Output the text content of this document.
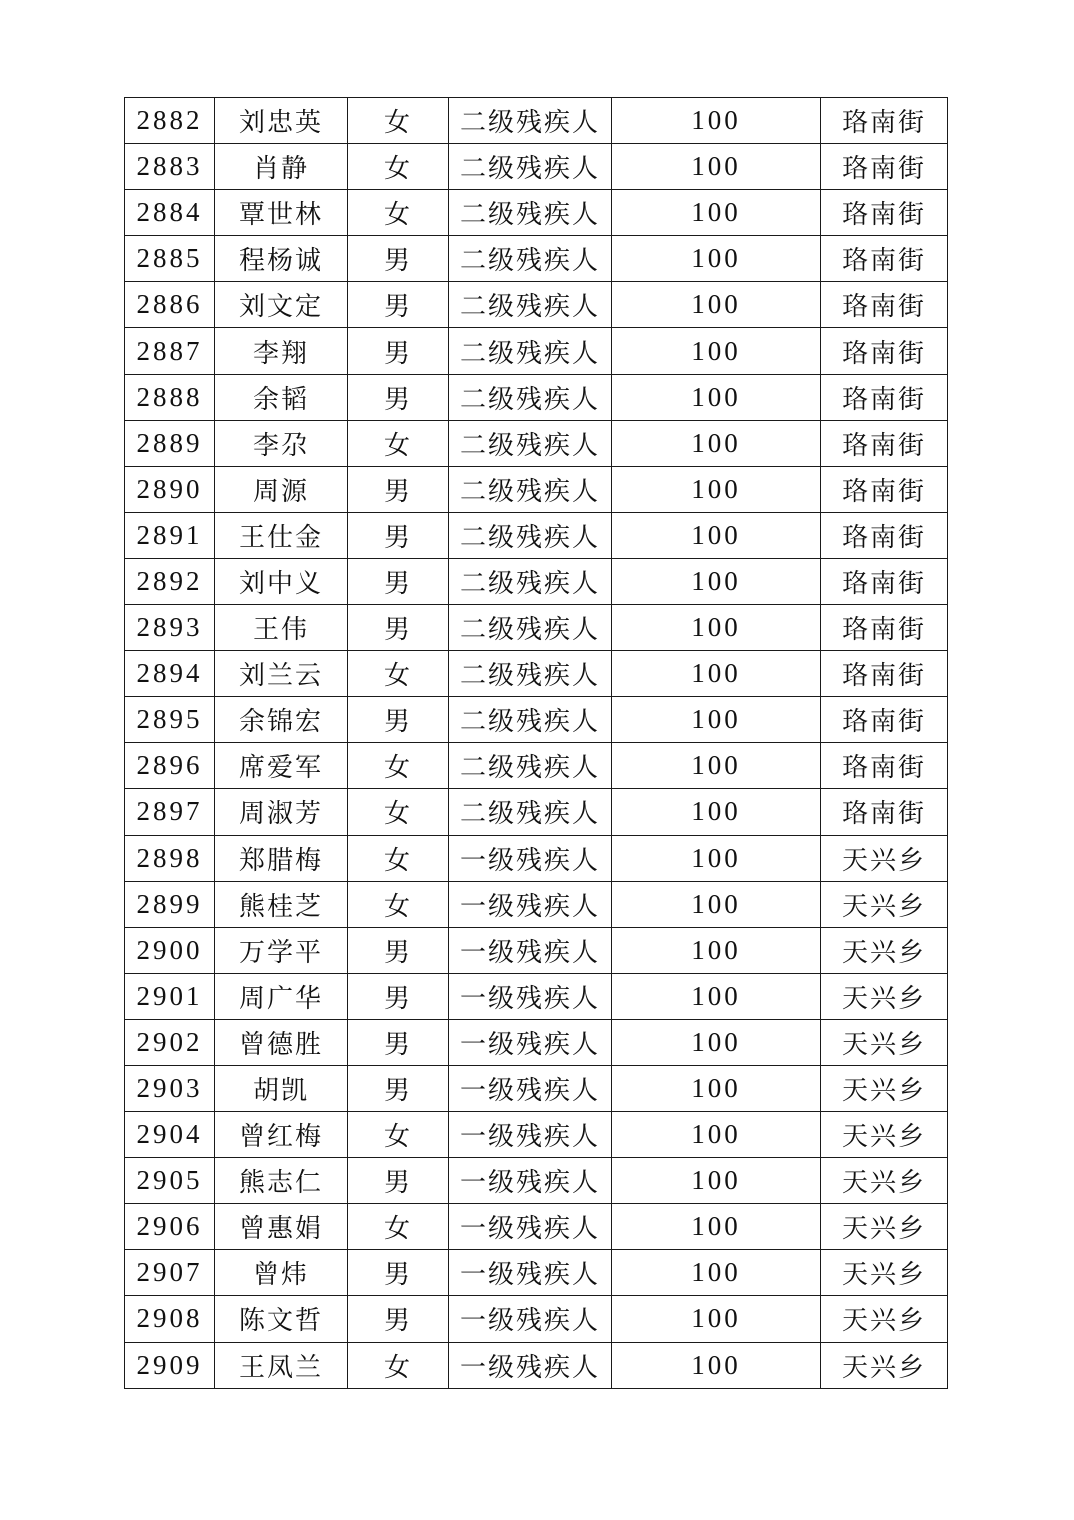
2882	刘忠英	女	二级残疾人	100	珞南街
2883	肖静	女	二级残疾人	100	珞南街
2884	覃世林	女	二级残疾人	100	珞南街
2885	程杨诚	男	二级残疾人	100	珞南街
2886	刘文定	男	二级残疾人	100	珞南街
2887	李翔	男	二级残疾人	100	珞南街
2888	余韬	男	二级残疾人	100	珞南街
2889	李尕	女	二级残疾人	100	珞南街
2890	周源	男	二级残疾人	100	珞南街
2891	王仕金	男	二级残疾人	100	珞南街
2892	刘中义	男	二级残疾人	100	珞南街
2893	王伟	男	二级残疾人	100	珞南街
2894	刘兰云	女	二级残疾人	100	珞南街
2895	余锦宏	男	二级残疾人	100	珞南街
2896	席爱军	女	二级残疾人	100	珞南街
2897	周淑芳	女	二级残疾人	100	珞南街
2898	郑腊梅	女	一级残疾人	100	天兴乡
2899	熊桂芝	女	一级残疾人	100	天兴乡
2900	万学平	男	一级残疾人	100	天兴乡
2901	周广华	男	一级残疾人	100	天兴乡
2902	曾德胜	男	一级残疾人	100	天兴乡
2903	胡凯	男	一级残疾人	100	天兴乡
2904	曾红梅	女	一级残疾人	100	天兴乡
2905	熊志仁	男	一级残疾人	100	天兴乡
2906	曾惠娟	女	一级残疾人	100	天兴乡
2907	曾炜	男	一级残疾人	100	天兴乡
2908	陈文哲	男	一级残疾人	100	天兴乡
2909	王凤兰	女	一级残疾人	100	天兴乡
